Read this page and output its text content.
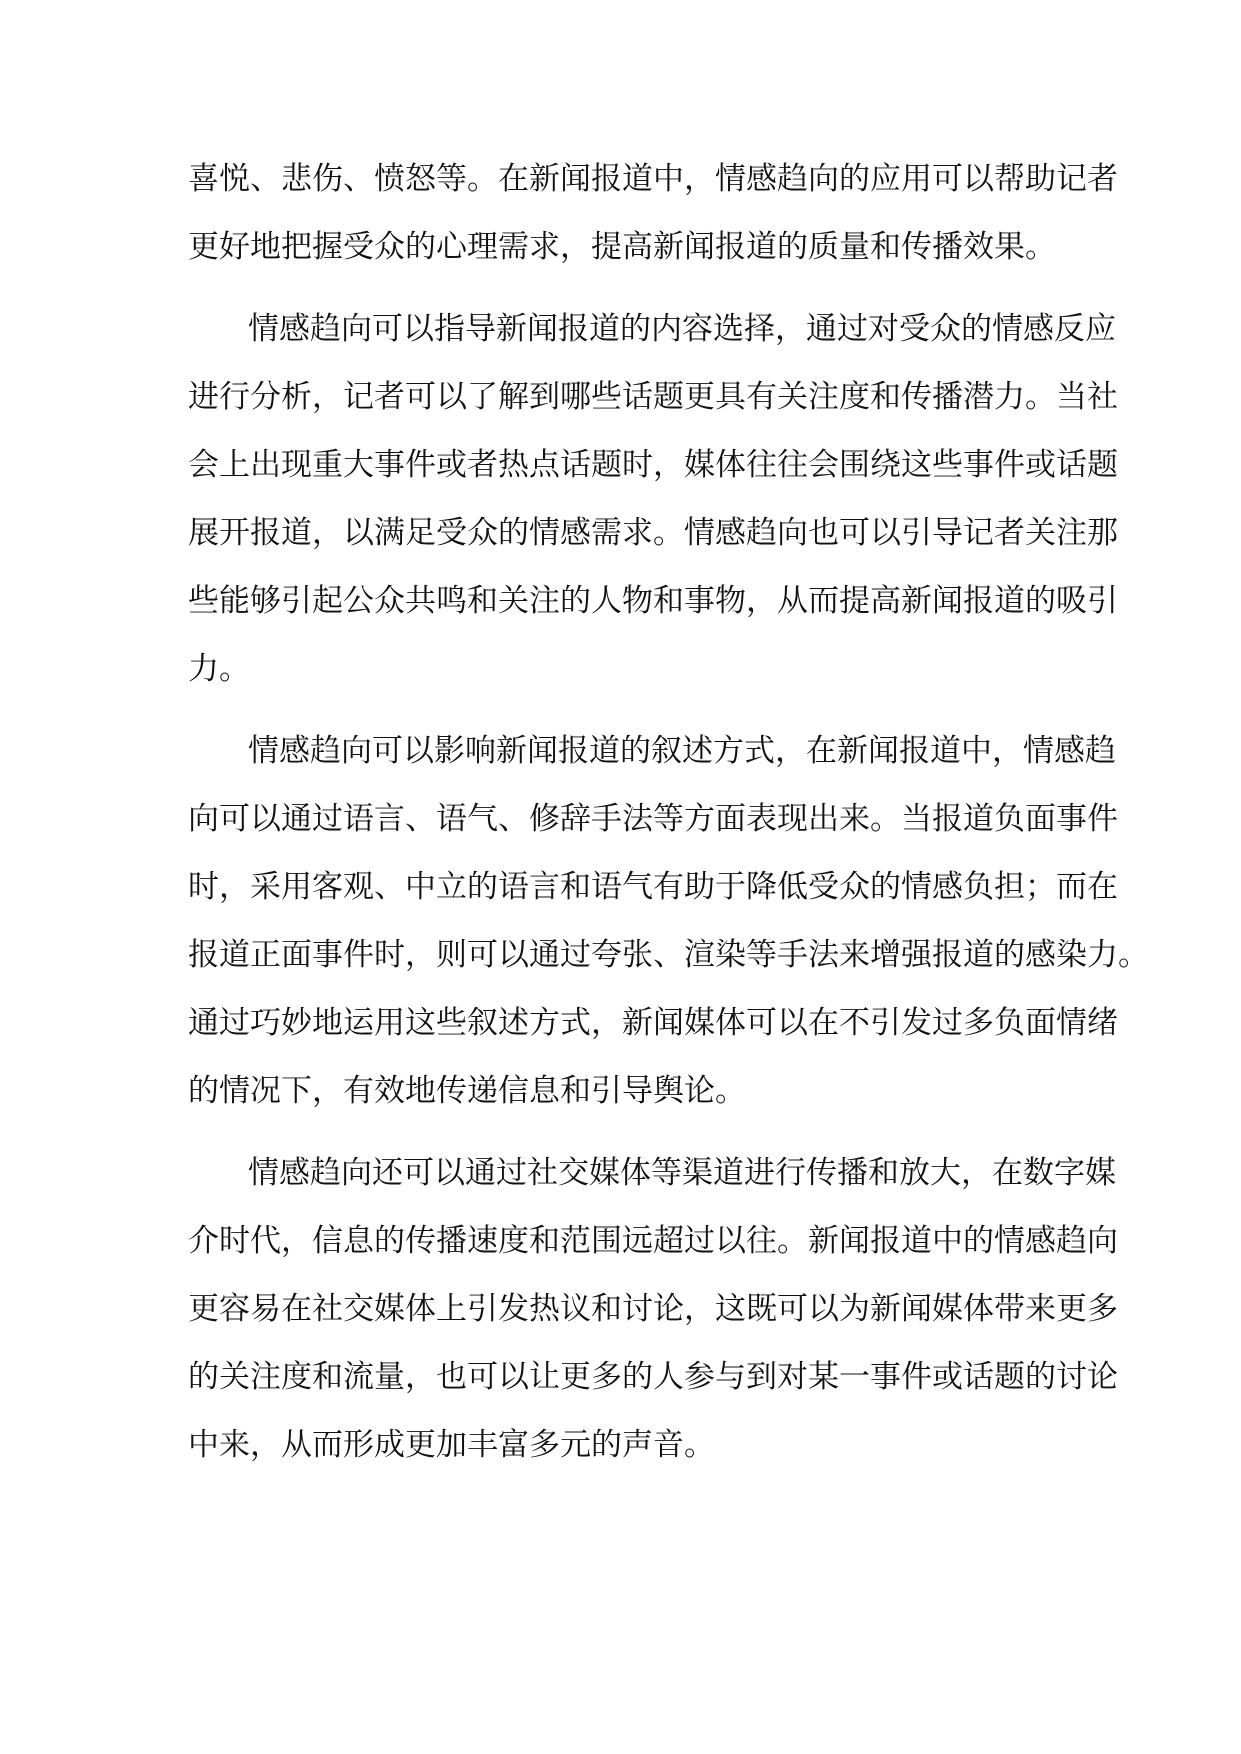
喜悦、悲伤、愤怒等。在新闻报道中，情感趋向的应用可以帮助记者
更好地把握受众的心理需求，提高新闻报道的质量和传播效果。
情感趋向可以指导新闻报道的内容选择，通过对受众的情感反应
进行分析，记者可以了解到哪些话题更具有关注度和传播潜力。当社
会上出现重大事件或者热点话题时，媒体往往会围绕这些事件或话题
展开报道，以满足受众的情感需求。情感趋向也可以引导记者关注那
些能够引起公众共鸣和关注的人物和事物，从而提高新闻报道的吸引
力。
情感趋向可以影响新闻报道的叙述方式，在新闻报道中，情感趋
向可以通过语言、语气、修辞手法等方面表现出来。当报道负面事件
时，采用客观、中立的语言和语气有助于降低受众的情感负担；而在
报道正面事件时，则可以通过夸张、渲染等手法来增强报道的感染力。
通过巧妙地运用这些叙述方式，新闻媒体可以在不引发过多负面情绪
的情况下，有效地传递信息和引导舆论。
情感趋向还可以通过社交媒体等渠道进行传播和放大，在数字媒
介时代，信息的传播速度和范围远超过以往。新闻报道中的情感趋向
更容易在社交媒体上引发热议和讨论，这既可以为新闻媒体带来更多
的关注度和流量，也可以让更多的人参与到对某一事件或话题的讨论
中来，从而形成更加丰富多元的声音。
